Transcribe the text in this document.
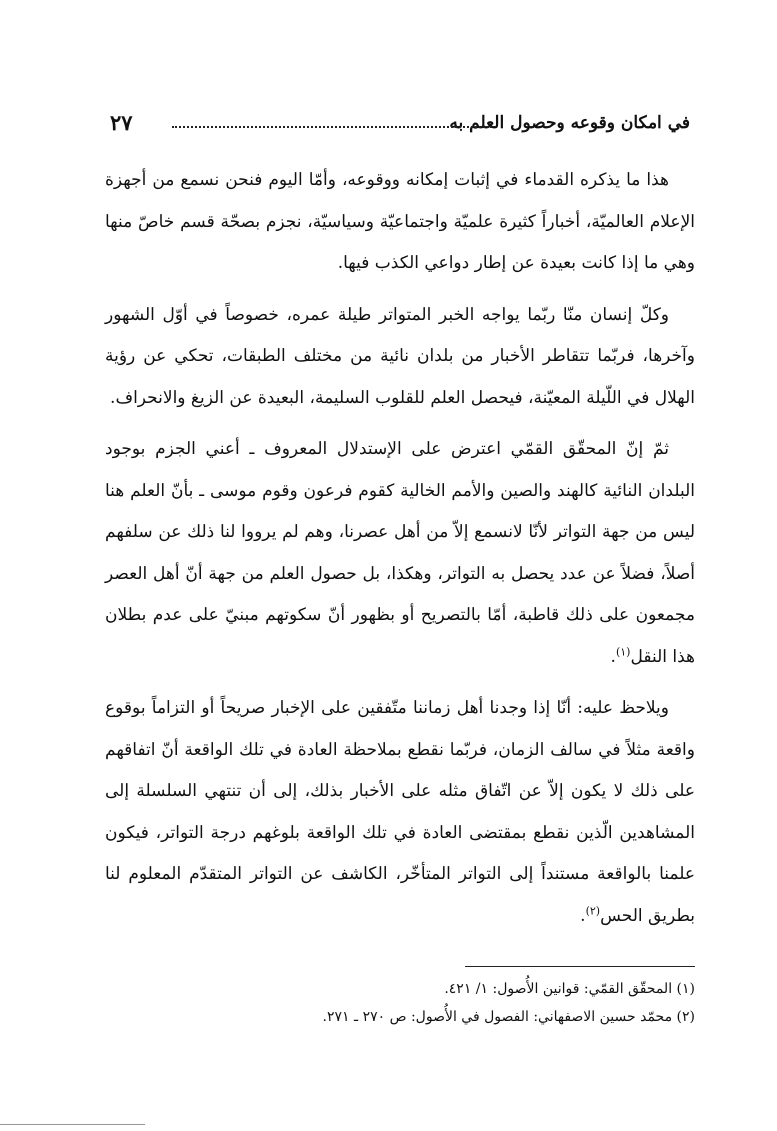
في امكان وقوعه وحصول العلم به
٢٧

هذا ما يذكره القدماء في إثبات إمكانه ووقوعه، وأمّا اليوم فنحن نسمع من أجهزة الإعلام العالميّة، أخباراً كثيرة علميّة واجتماعيّة وسياسيّة، نجزم بصحّة قسم خاصّ منها وهي ما إذا كانت بعيدة عن إطار دواعي الكذب فيها.

وكلّ إنسان منّا ربّما يواجه الخبر المتواتر طيلة عمره، خصوصاً في أوّل الشهور وآخرها، فربّما تتقاطر الأخبار من بلدان نائية من مختلف الطبقات، تحكي عن رؤية الهلال في اللّيلة المعيّنة، فيحصل العلم للقلوب السليمة، البعيدة عن الزيغ والانحراف.

ثمّ إنّ المحقّق القمّي اعترض على الإستدلال المعروف ـ أعني الجزم بوجود البلدان النائية كالهند والصين والأمم الخالية كقوم فرعون وقوم موسى ـ بأنّ العلم هنا ليس من جهة التواتر لأنّا لانسمع إلاّ من أهل عصرنا، وهم لم يرووا لنا ذلك عن سلفهم أصلاً، فضلاً عن عدد يحصل به التواتر، وهكذا، بل حصول العلم من جهة أنّ أهل العصر مجمعون على ذلك قاطبة، أمّا بالتصريح أو بظهور أنّ سكوتهم مبنيّ على عدم بطلان هذا النقل$^{(١)}$.

ويلاحظ عليه: أنّا إذا وجدنا أهل زماننا متّفقين على الإخبار صريحاً أو التزاماً بوقوع واقعة مثلاً في سالف الزمان، فربّما نقطع بملاحظة العادة في تلك الواقعة أنّ اتفاقهم على ذلك لا يكون إلاّ عن اتّفاق مثله على الأخبار بذلك، إلى أن تنتهي السلسلة إلى المشاهدين الّذين نقطع بمقتضى العادة في تلك الواقعة بلوغهم درجة التواتر، فيكون علمنا بالواقعة مستنداً إلى التواتر المتأخّر، الكاشف عن التواتر المتقدّم المعلوم لنا بطريق الحس$^{(٢)}$.

(١) المحقّق القمّي: قوانين الأُصول: ١/ ٤٢١.

(٢) محمّد حسين الاصفهاني: الفصول في الأُصول: ص ٢٧٠ ـ ٢٧١.
